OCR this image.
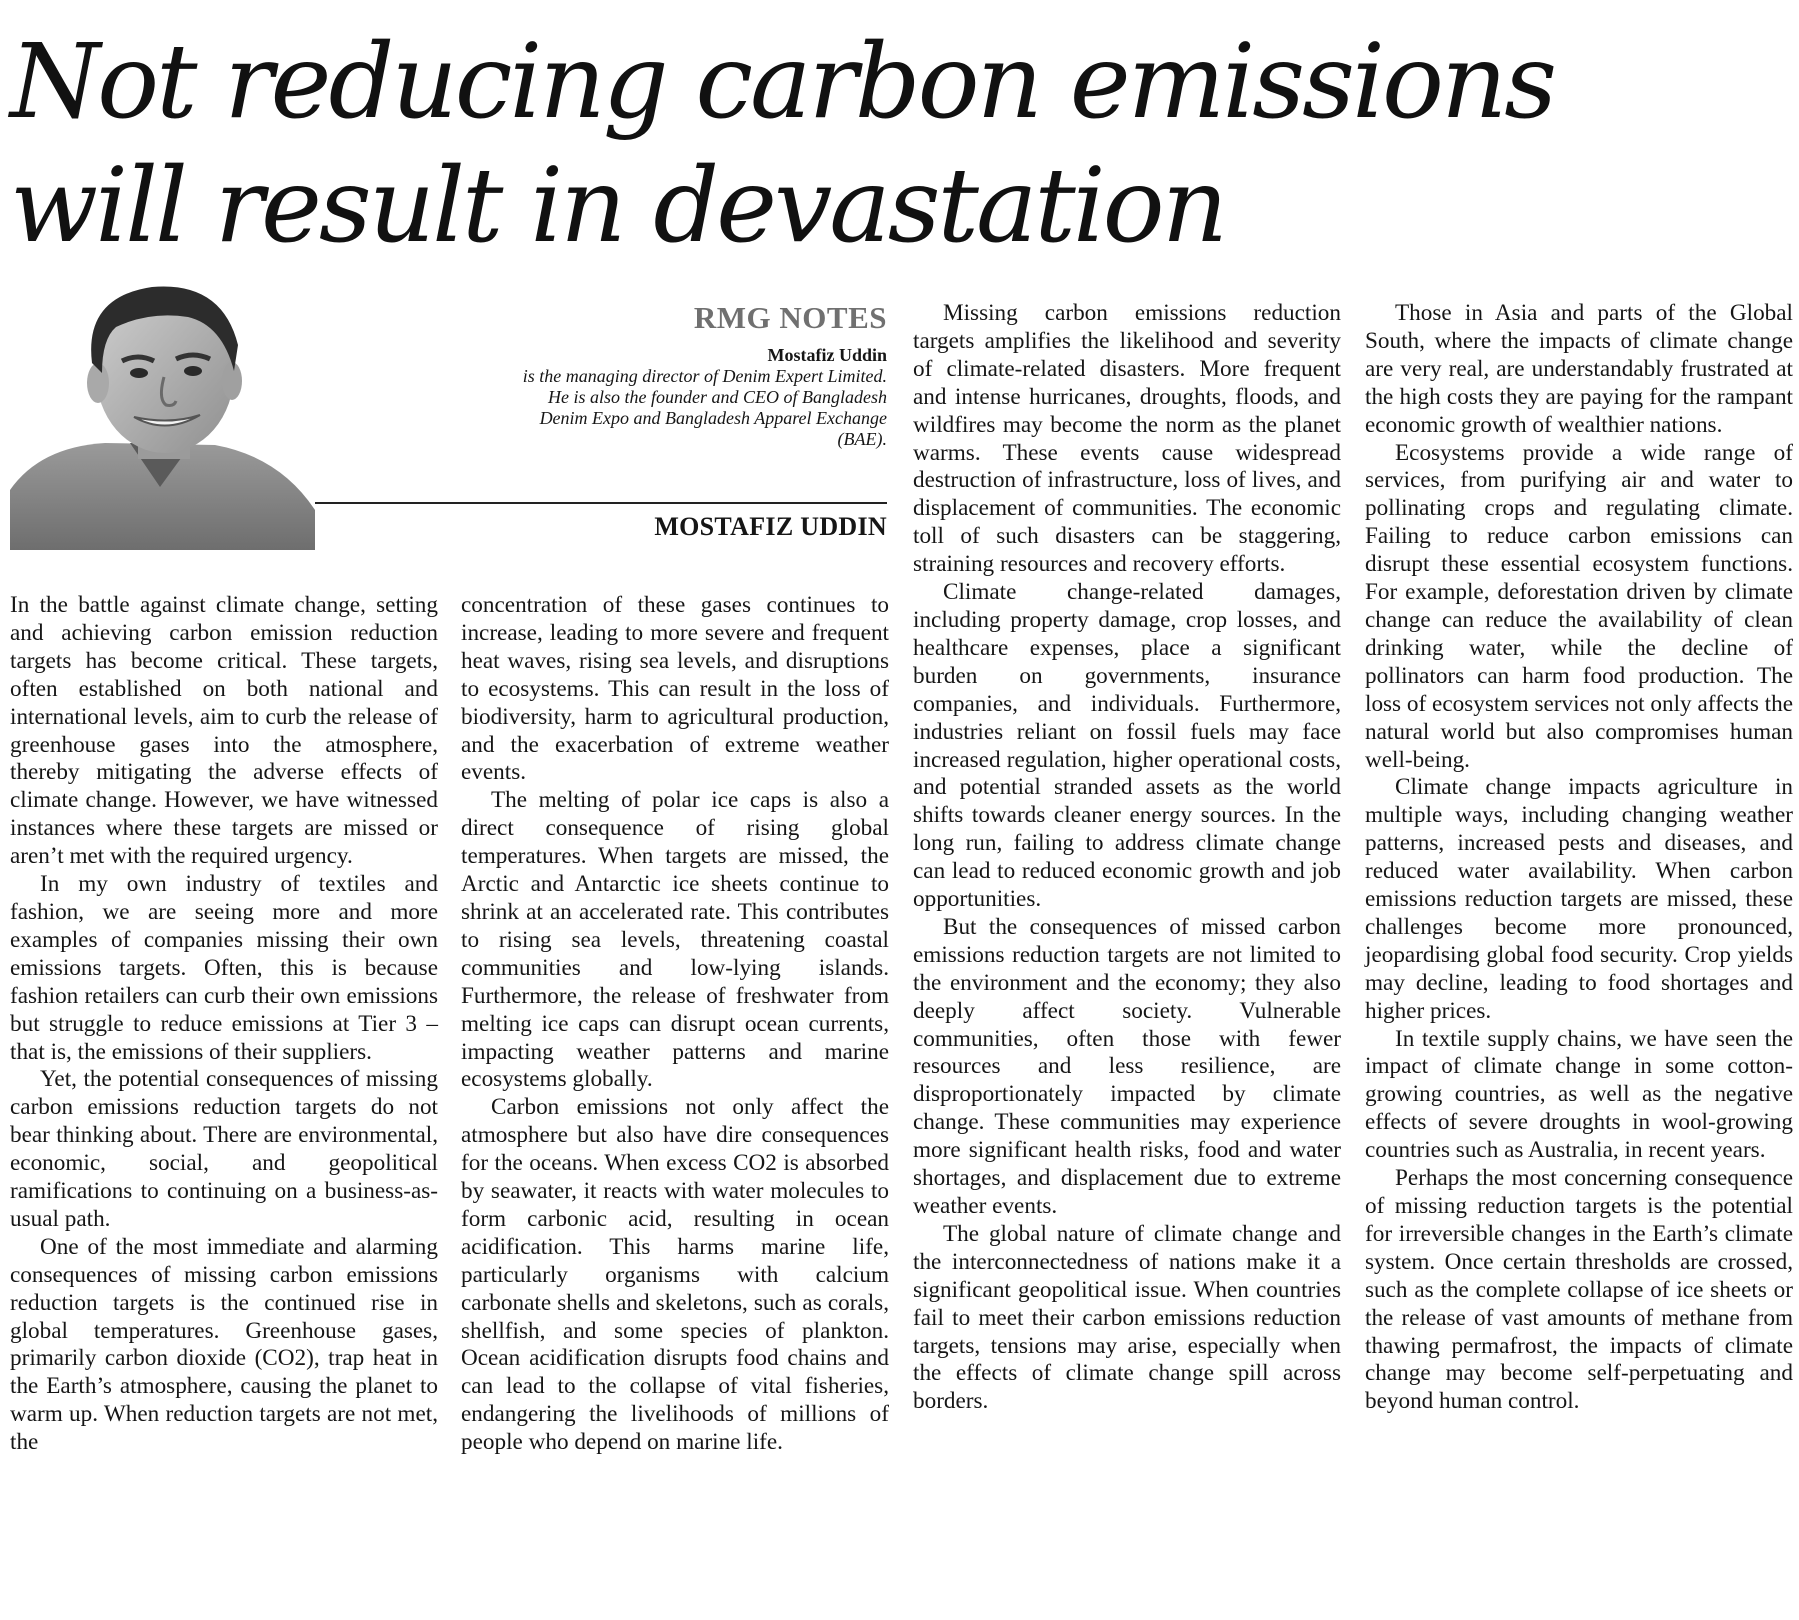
Not reducing carbon emissions
will result in devastation
RMG NOTES
Mostafiz Uddin
is the managing director of Denim Expert Limited. He is also the founder and CEO of Bangladesh Denim Expo and Bangladesh Apparel Exchange (BAE).
MOSTAFIZ UDDIN

In the battle against climate change, setting and achieving carbon emission reduction targets has become critical. These targets, often established on both national and international levels, aim to curb the release of greenhouse gases into the atmosphere, thereby mitigating the adverse effects of climate change. However, we have witnessed instances where these targets are missed or aren’t met with the required urgency.

In my own industry of textiles and fashion, we are seeing more and more examples of companies missing their own emissions targets. Often, this is because fashion retailers can curb their own emissions but struggle to reduce emissions at Tier 3 – that is, the emissions of their suppliers.

Yet, the potential consequences of missing carbon emissions reduction targets do not bear thinking about. There are environmental, economic, social, and geopolitical ramifications to continuing on a business-as-usual path.

One of the most immediate and alarming consequences of missing carbon emissions reduction targets is the continued rise in global temperatures. Greenhouse gases, primarily carbon dioxide (CO2), trap heat in the Earth’s atmosphere, causing the planet to warm up. When reduction targets are not met, the

concentration of these gases continues to increase, leading to more severe and frequent heat waves, rising sea levels, and disruptions to ecosystems. This can result in the loss of biodiversity, harm to agricultural production, and the exacerbation of extreme weather events.

The melting of polar ice caps is also a direct consequence of rising global temperatures. When targets are missed, the Arctic and Antarctic ice sheets continue to shrink at an accelerated rate. This contributes to rising sea levels, threatening coastal communities and low-lying islands. Furthermore, the release of freshwater from melting ice caps can disrupt ocean currents, impacting weather patterns and marine ecosystems globally.

Carbon emissions not only affect the atmosphere but also have dire consequences for the oceans. When excess CO2 is absorbed by seawater, it reacts with water molecules to form carbonic acid, resulting in ocean acidification. This harms marine life, particularly organisms with calcium carbonate shells and skeletons, such as corals, shellfish, and some species of plankton. Ocean acidification disrupts food chains and can lead to the collapse of vital fisheries, endangering the livelihoods of millions of people who depend on marine life.

Missing carbon emissions reduction targets amplifies the likelihood and severity of climate-related disasters. More frequent and intense hurricanes, droughts, floods, and wildfires may become the norm as the planet warms. These events cause widespread destruction of infrastructure, loss of lives, and displacement of communities. The economic toll of such disasters can be staggering, straining resources and recovery efforts.

Climate change-related damages, including property damage, crop losses, and healthcare expenses, place a significant burden on governments, insurance companies, and individuals. Furthermore, industries reliant on fossil fuels may face increased regulation, higher operational costs, and potential stranded assets as the world shifts towards cleaner energy sources. In the long run, failing to address climate change can lead to reduced economic growth and job opportunities.

But the consequences of missed carbon emissions reduction targets are not limited to the environment and the economy; they also deeply affect society. Vulnerable communities, often those with fewer resources and less resilience, are disproportionately impacted by climate change. These communities may experience more significant health risks, food and water shortages, and displacement due to extreme weather events.

The global nature of climate change and the interconnectedness of nations make it a significant geopolitical issue. When countries fail to meet their carbon emissions reduction targets, tensions may arise, especially when the effects of climate change spill across borders.

Those in Asia and parts of the Global South, where the impacts of climate change are very real, are understandably frustrated at the high costs they are paying for the rampant economic growth of wealthier nations.

Ecosystems provide a wide range of services, from purifying air and water to pollinating crops and regulating climate. Failing to reduce carbon emissions can disrupt these essential ecosystem functions. For example, deforestation driven by climate change can reduce the availability of clean drinking water, while the decline of pollinators can harm food production. The loss of ecosystem services not only affects the natural world but also compromises human well-being.

Climate change impacts agriculture in multiple ways, including changing weather patterns, increased pests and diseases, and reduced water availability. When carbon emissions reduction targets are missed, these challenges become more pronounced, jeopardising global food security. Crop yields may decline, leading to food shortages and higher prices.

In textile supply chains, we have seen the impact of climate change in some cotton-growing countries, as well as the negative effects of severe droughts in wool-growing countries such as Australia, in recent years.

Perhaps the most concerning consequence of missing reduction targets is the potential for irreversible changes in the Earth’s climate system. Once certain thresholds are crossed, such as the complete collapse of ice sheets or the release of vast amounts of methane from thawing permafrost, the impacts of climate change may become self-perpetuating and beyond human control.
